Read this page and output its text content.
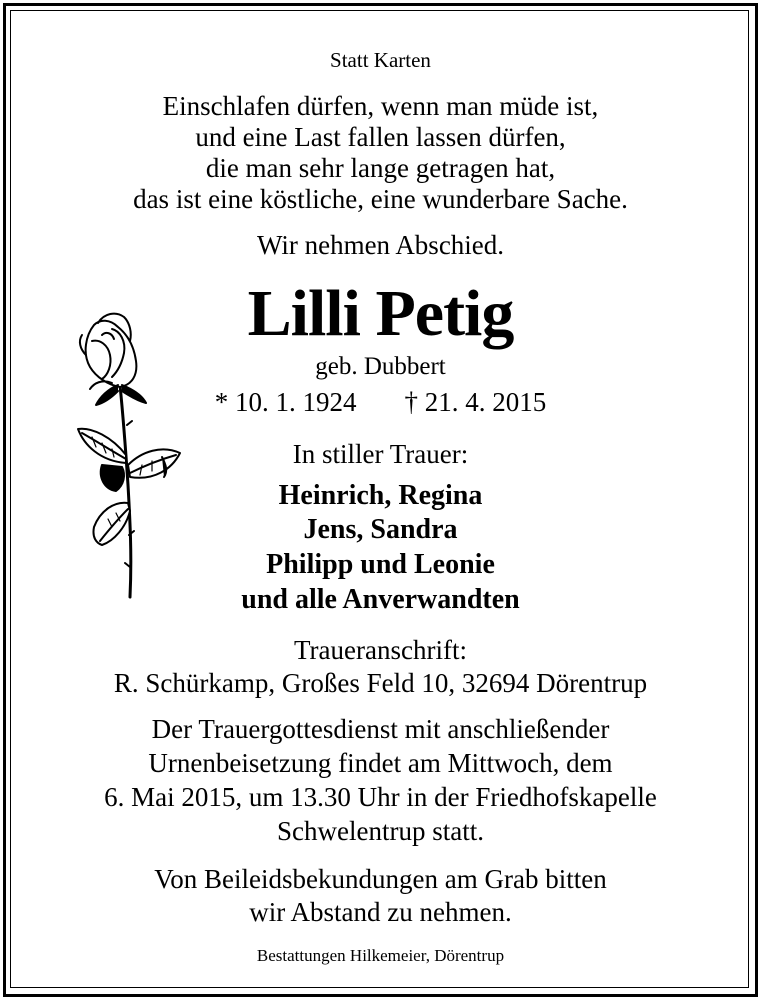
Statt Karten
Einschlafen dürfen, wenn man müde ist,
und eine Last fallen lassen dürfen,
die man sehr lange getragen hat,
das ist eine köstliche, eine wunderbare Sache.
Wir nehmen Abschied.
Lilli Petig
geb. Dubbert
* 10. 1. 1924 † 21. 4. 2015
In stiller Trauer:
Heinrich, Regina
Jens, Sandra
Philipp und Leonie
und alle Anverwandten
Traueranschrift:
R. Schürkamp, Großes Feld 10, 32694 Dörentrup
Der Trauergottesdienst mit anschließender
Urnenbeisetzung findet am Mittwoch, dem
6. Mai 2015, um 13.30 Uhr in der Friedhofskapelle
Schwelentrup statt.
Von Beileidsbekundungen am Grab bitten
wir Abstand zu nehmen.
Bestattungen Hilkemeier, Dörentrup
